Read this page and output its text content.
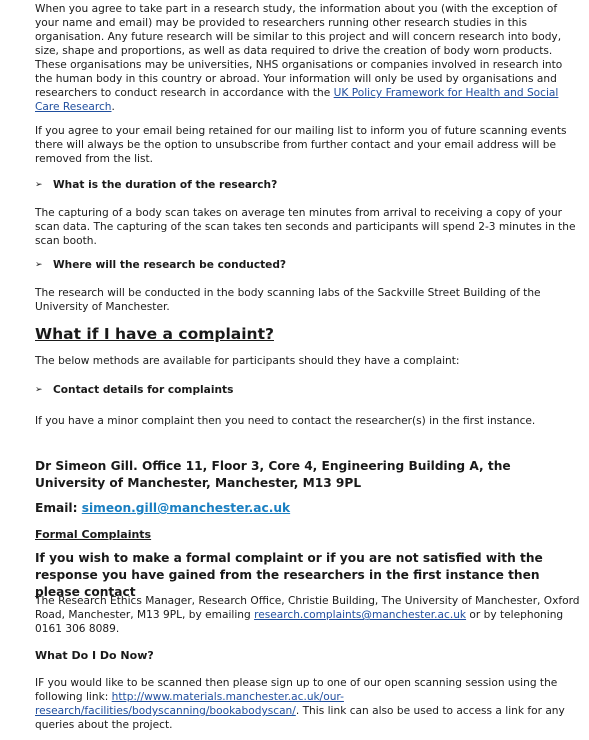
When you agree to take part in a research study, the information about you (with the exception of your name and email) may be provided to researchers running other research studies in this organisation. Any future research will be similar to this project and will concern research into body, size, shape and proportions, as well as data required to drive the creation of body worn products. These organisations may be universities, NHS organisations or companies involved in research into the human body in this country or abroad. Your information will only be used by organisations and researchers to conduct research in accordance with the UK Policy Framework for Health and Social Care Research.

If you agree to your email being retained for our mailing list to inform you of future scanning events there will always be the option to unsubscribe from further contact and your email address will be removed from the list.

➢ What is the duration of the research?

The capturing of a body scan takes on average ten minutes from arrival to receiving a copy of your scan data. The capturing of the scan takes ten seconds and participants will spend 2-3 minutes in the scan booth.

➢ Where will the research be conducted?

The research will be conducted in the body scanning labs of the Sackville Street Building of the University of Manchester.

What if I have a complaint?

The below methods are available for participants should they have a complaint:

➢ Contact details for complaints

If you have a minor complaint then you need to contact the researcher(s) in the first instance.

Dr Simeon Gill. Office 11, Floor 3, Core 4, Engineering Building A, the University of Manchester, Manchester, M13 9PL

Email: simeon.gill@manchester.ac.uk

Formal Complaints

If you wish to make a formal complaint or if you are not satisfied with the response you have gained from the researchers in the first instance then please contact

The Research Ethics Manager, Research Office, Christie Building, The University of Manchester, Oxford Road, Manchester, M13 9PL, by emailing research.complaints@manchester.ac.uk or by telephoning 0161 306 8089.

What Do I Do Now?

IF you would like to be scanned then please sign up to one of our open scanning session using the following link: http://www.materials.manchester.ac.uk/our-research/facilities/bodyscanning/bookabodyscan/. This link can also be used to access a link for any queries about the project.
